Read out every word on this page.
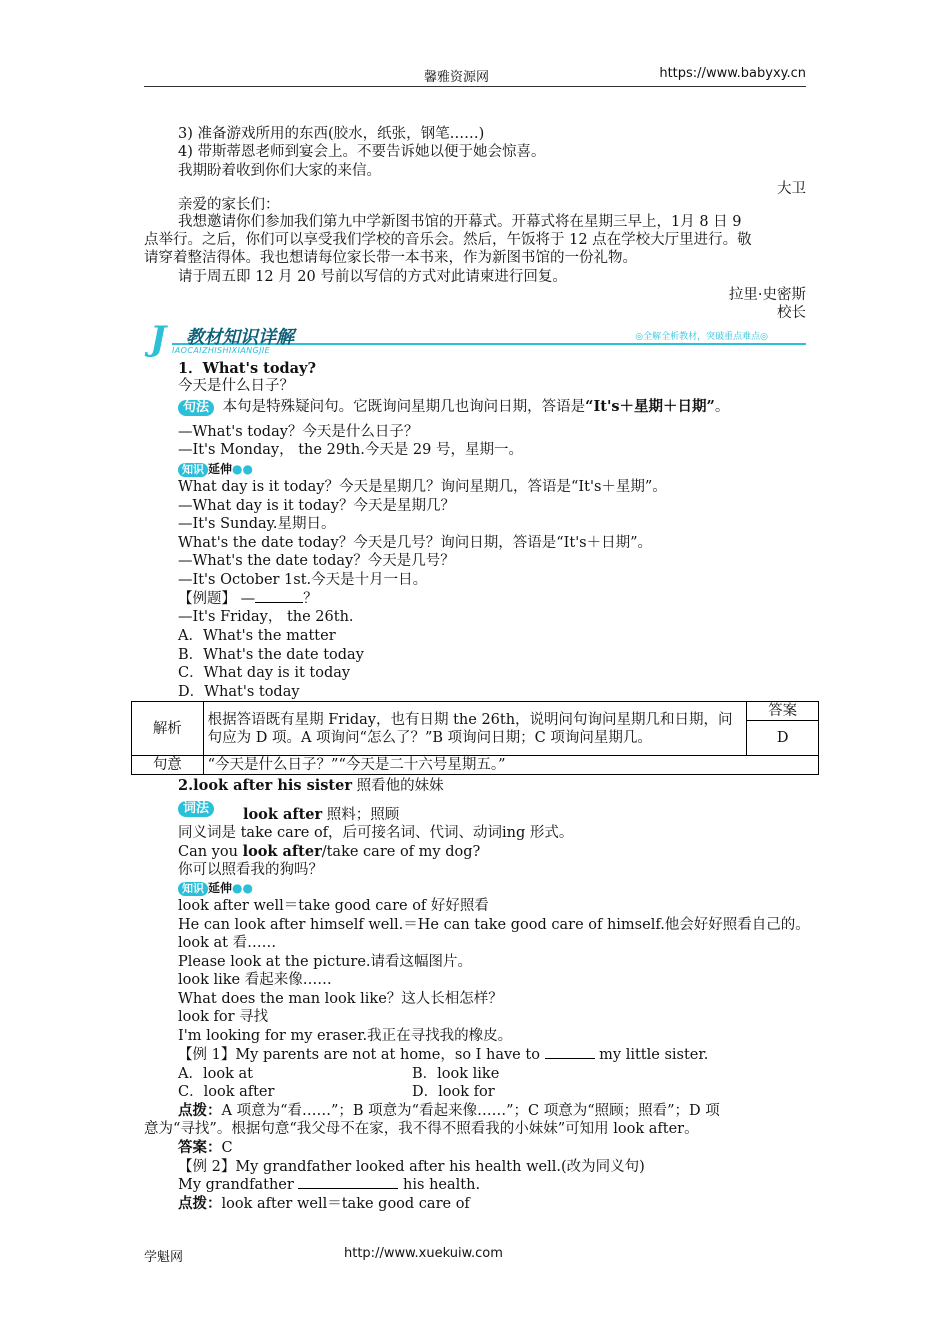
馨雅资源网	https://www.babyxy.cn
3) 准备游戏所用的东西(胶水，纸张，钢笔……)
4) 带斯蒂恩老师到宴会上。不要告诉她以便于她会惊喜。
我期盼着收到你们大家的来信。
大卫
亲爱的家长们：
我想邀请你们参加我们第九中学新图书馆的开幕式。开幕式将在星期三早上，1月 8 日 9
点举行。之后，你们可以享受我们学校的音乐会。然后，午饭将于 12 点在学校大厅里进行。敬
请穿着整洁得体。我也想请每位家长带一本书来，作为新图书馆的一份礼物。
请于周五即 12 月 20 号前以写信的方式对此请柬进行回复。
拉里·史密斯
校长
J 教材知识详解
IAOCAIZHISHIXIANGJIE
◎全解全析教材，突破重点难点◎
1．What's today?
今天是什么日子？
句法 本句是特殊疑问句。它既询问星期几也询问日期，答语是“It's＋星期＋日期”。
—What's today？今天是什么日子？
—It's Monday， the 29th.今天是 29 号，星期一。
知识 延伸●●
What day is it today？今天是星期几？询问星期几，答语是“It's＋星期”。
—What day is it today？今天是星期几？
—It's Sunday.星期日。
What's the date today？今天是几号？询问日期，答语是“It's＋日期”。
—What's the date today？今天是几号？
—It's October 1st.今天是十月一日。
【例题】 —	？
—It's Friday， the 26th.
A．What's the matter
B．What's the date today
C．What day is it today
D．What's today
解析	根据答语既有星期 Friday，也有日期 the 26th，说明问句询问星期几和日期，问句应为 D 项。A 项询问“怎么了？”B 项询问日期；C 项询问星期几。	答案
		D
句意	“今天是什么日子？”“今天是二十六号星期五。”	
2.look after his sister 照看他的妹妹
词法	look after 照料；照顾
同义词是 take care of，后可接名词、代词、动词ing 形式。
Can you look after/take care of my dog?
你可以照看我的狗吗？
知识 延伸●●
look after well＝take good care of 好好照看
He can look after himself well.＝He can take good care of himself.他会好好照看自己的。
look at 看……
Please look at the picture.请看这幅图片。
look like 看起来像……
What does the man look like？这人长相怎样？
look for 寻找
I'm looking for my eraser.我正在寻找我的橡皮。
【例 1】My parents are not at home，so I have to	my little sister.
A．look at	B．look like
C．look after	D．look for
点拨：A 项意为“看……”；B 项意为“看起来像……”；C 项意为“照顾；照看”；D 项
意为“寻找”。根据句意“我父母不在家，我不得不照看我的小妹妹”可知用 look after。
答案：C
【例 2】My grandfather looked after his health well.(改为同义句)
My grandfather	his health.
点拨：look after well＝take good care of
学魁网	http://www.xuekuiw.com
